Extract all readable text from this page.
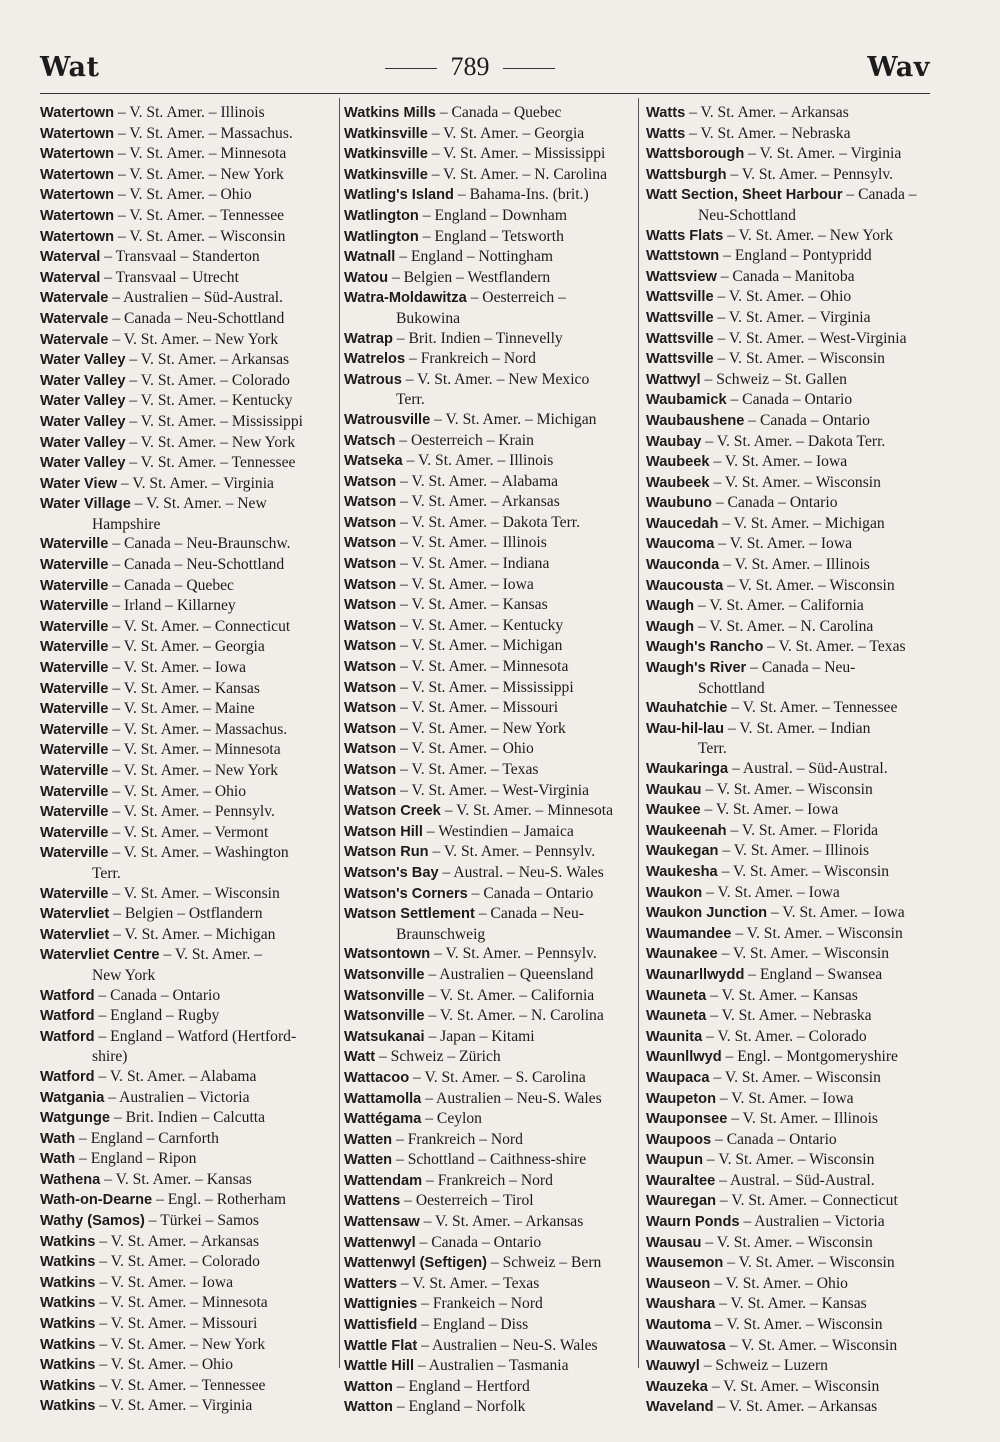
Wat	789	Wav
Watertown – V. St. Amer. – Illinois
Watertown – V. St. Amer. – Massachus.
Watertown – V. St. Amer. – Minnesota
Watertown – V. St. Amer. – New York
Watertown – V. St. Amer. – Ohio
Watertown – V. St. Amer. – Tennessee
Watertown – V. St. Amer. – Wisconsin
Waterval – Transvaal – Standerton
Waterval – Transvaal – Utrecht
Watervale – Australien – Süd-Austral.
Watervale – Canada – Neu-Schottland
Watervale – V. St. Amer. – New York
Water Valley – V. St. Amer. – Arkansas
Water Valley – V. St. Amer. – Colorado
Water Valley – V. St. Amer. – Kentucky
Water Valley – V. St. Amer. – Mississippi
Water Valley – V. St. Amer. – New York
Water Valley – V. St. Amer. – Tennessee
Water View – V. St. Amer. – Virginia
Water Village – V. St. Amer. – New
Hampshire
Waterville – Canada – Neu-Braunschw.
Waterville – Canada – Neu-Schottland
Waterville – Canada – Quebec
Waterville – Irland – Killarney
Waterville – V. St. Amer. – Connecticut
Waterville – V. St. Amer. – Georgia
Waterville – V. St. Amer. – Iowa
Waterville – V. St. Amer. – Kansas
Waterville – V. St. Amer. – Maine
Waterville – V. St. Amer. – Massachus.
Waterville – V. St. Amer. – Minnesota
Waterville – V. St. Amer. – New York
Waterville – V. St. Amer. – Ohio
Waterville – V. St. Amer. – Pennsylv.
Waterville – V. St. Amer. – Vermont
Waterville – V. St. Amer. – Washington
Terr.
Waterville – V. St. Amer. – Wisconsin
Watervliet – Belgien – Ostflandern
Watervliet – V. St. Amer. – Michigan
Watervliet Centre – V. St. Amer. –
New York
Watford – Canada – Ontario
Watford – England – Rugby
Watford – England – Watford (Hertford-
shire)
Watford – V. St. Amer. – Alabama
Watgania – Australien – Victoria
Watgunge – Brit. Indien – Calcutta
Wath – England – Carnforth
Wath – England – Ripon
Wathena – V. St. Amer. – Kansas
Wath-on-Dearne – Engl. – Rotherham
Wathy (Samos) – Türkei – Samos
Watkins – V. St. Amer. – Arkansas
Watkins – V. St. Amer. – Colorado
Watkins – V. St. Amer. – Iowa
Watkins – V. St. Amer. – Minnesota
Watkins – V. St. Amer. – Missouri
Watkins – V. St. Amer. – New York
Watkins – V. St. Amer. – Ohio
Watkins – V. St. Amer. – Tennessee
Watkins – V. St. Amer. – Virginia
Watkins Mills – Canada – Quebec
Watkinsville – V. St. Amer. – Georgia
Watkinsville – V. St. Amer. – Mississippi
Watkinsville – V. St. Amer. – N. Carolina
Watling's Island – Bahama-Ins. (brit.)
Watlington – England – Downham
Watlington – England – Tetsworth
Watnall – England – Nottingham
Watou – Belgien – Westflandern
Watra-Moldawitza – Oesterreich –
Bukowina
Watrap – Brit. Indien – Tinnevelly
Watrelos – Frankreich – Nord
Watrous – V. St. Amer. – New Mexico
Terr.
Watrousville – V. St. Amer. – Michigan
Watsch – Oesterreich – Krain
Watseka – V. St. Amer. – Illinois
Watson – V. St. Amer. – Alabama
Watson – V. St. Amer. – Arkansas
Watson – V. St. Amer. – Dakota Terr.
Watson – V. St. Amer. – Illinois
Watson – V. St. Amer. – Indiana
Watson – V. St. Amer. – Iowa
Watson – V. St. Amer. – Kansas
Watson – V. St. Amer. – Kentucky
Watson – V. St. Amer. – Michigan
Watson – V. St. Amer. – Minnesota
Watson – V. St. Amer. – Mississippi
Watson – V. St. Amer. – Missouri
Watson – V. St. Amer. – New York
Watson – V. St. Amer. – Ohio
Watson – V. St. Amer. – Texas
Watson – V. St. Amer. – West-Virginia
Watson Creek – V. St. Amer. – Minnesota
Watson Hill – Westindien – Jamaica
Watson Run – V. St. Amer. – Pennsylv.
Watson's Bay – Austral. – Neu-S. Wales
Watson's Corners – Canada – Ontario
Watson Settlement – Canada – Neu-
Braunschweig
Watsontown – V. St. Amer. – Pennsylv.
Watsonville – Australien – Queensland
Watsonville – V. St. Amer. – California
Watsonville – V. St. Amer. – N. Carolina
Watsukanai – Japan – Kitami
Watt – Schweiz – Zürich
Wattacoo – V. St. Amer. – S. Carolina
Wattamolla – Australien – Neu-S. Wales
Wattégama – Ceylon
Watten – Frankreich – Nord
Watten – Schottland – Caithness-shire
Wattendam – Frankreich – Nord
Wattens – Oesterreich – Tirol
Wattensaw – V. St. Amer. – Arkansas
Wattenwyl – Canada – Ontario
Wattenwyl (Seftigen) – Schweiz – Bern
Watters – V. St. Amer. – Texas
Wattignies – Frankeich – Nord
Wattisfield – England – Diss
Wattle Flat – Australien – Neu-S. Wales
Wattle Hill – Australien – Tasmania
Watton – England – Hertford
Watton – England – Norfolk
Watts – V. St. Amer. – Arkansas
Watts – V. St. Amer. – Nebraska
Wattsborough – V. St. Amer. – Virginia
Wattsburgh – V. St. Amer. – Pennsylv.
Watt Section, Sheet Harbour – Canada –
Neu-Schottland
Watts Flats – V. St. Amer. – New York
Wattstown – England – Pontypridd
Wattsview – Canada – Manitoba
Wattsville – V. St. Amer. – Ohio
Wattsville – V. St. Amer. – Virginia
Wattsville – V. St. Amer. – West-Virginia
Wattsville – V. St. Amer. – Wisconsin
Wattwyl – Schweiz – St. Gallen
Waubamick – Canada – Ontario
Waubaushene – Canada – Ontario
Waubay – V. St. Amer. – Dakota Terr.
Waubeek – V. St. Amer. – Iowa
Waubeek – V. St. Amer. – Wisconsin
Waubuno – Canada – Ontario
Waucedah – V. St. Amer. – Michigan
Waucoma – V. St. Amer. – Iowa
Wauconda – V. St. Amer. – Illinois
Waucousta – V. St. Amer. – Wisconsin
Waugh – V. St. Amer. – California
Waugh – V. St. Amer. – N. Carolina
Waugh's Rancho – V. St. Amer. – Texas
Waugh's River – Canada – Neu-
Schottland
Wauhatchie – V. St. Amer. – Tennessee
Wau-hil-lau – V. St. Amer. – Indian
Terr.
Waukaringa – Austral. – Süd-Austral.
Waukau – V. St. Amer. – Wisconsin
Waukee – V. St. Amer. – Iowa
Waukeenah – V. St. Amer. – Florida
Waukegan – V. St. Amer. – Illinois
Waukesha – V. St. Amer. – Wisconsin
Waukon – V. St. Amer. – Iowa
Waukon Junction – V. St. Amer. – Iowa
Waumandee – V. St. Amer. – Wisconsin
Waunakee – V. St. Amer. – Wisconsin
Waunarllwydd – England – Swansea
Wauneta – V. St. Amer. – Kansas
Wauneta – V. St. Amer. – Nebraska
Waunita – V. St. Amer. – Colorado
Waunllwyd – Engl. – Montgomeryshire
Waupaca – V. St. Amer. – Wisconsin
Waupeton – V. St. Amer. – Iowa
Wauponsee – V. St. Amer. – Illinois
Waupoos – Canada – Ontario
Waupun – V. St. Amer. – Wisconsin
Wauraltee – Austral. – Süd-Austral.
Wauregan – V. St. Amer. – Connecticut
Waurn Ponds – Australien – Victoria
Wausau – V. St. Amer. – Wisconsin
Wausemon – V. St. Amer. – Wisconsin
Wauseon – V. St. Amer. – Ohio
Waushara – V. St. Amer. – Kansas
Wautoma – V. St. Amer. – Wisconsin
Wauwatosa – V. St. Amer. – Wisconsin
Wauwyl – Schweiz – Luzern
Wauzeka – V. St. Amer. – Wisconsin
Waveland – V. St. Amer. – Arkansas
